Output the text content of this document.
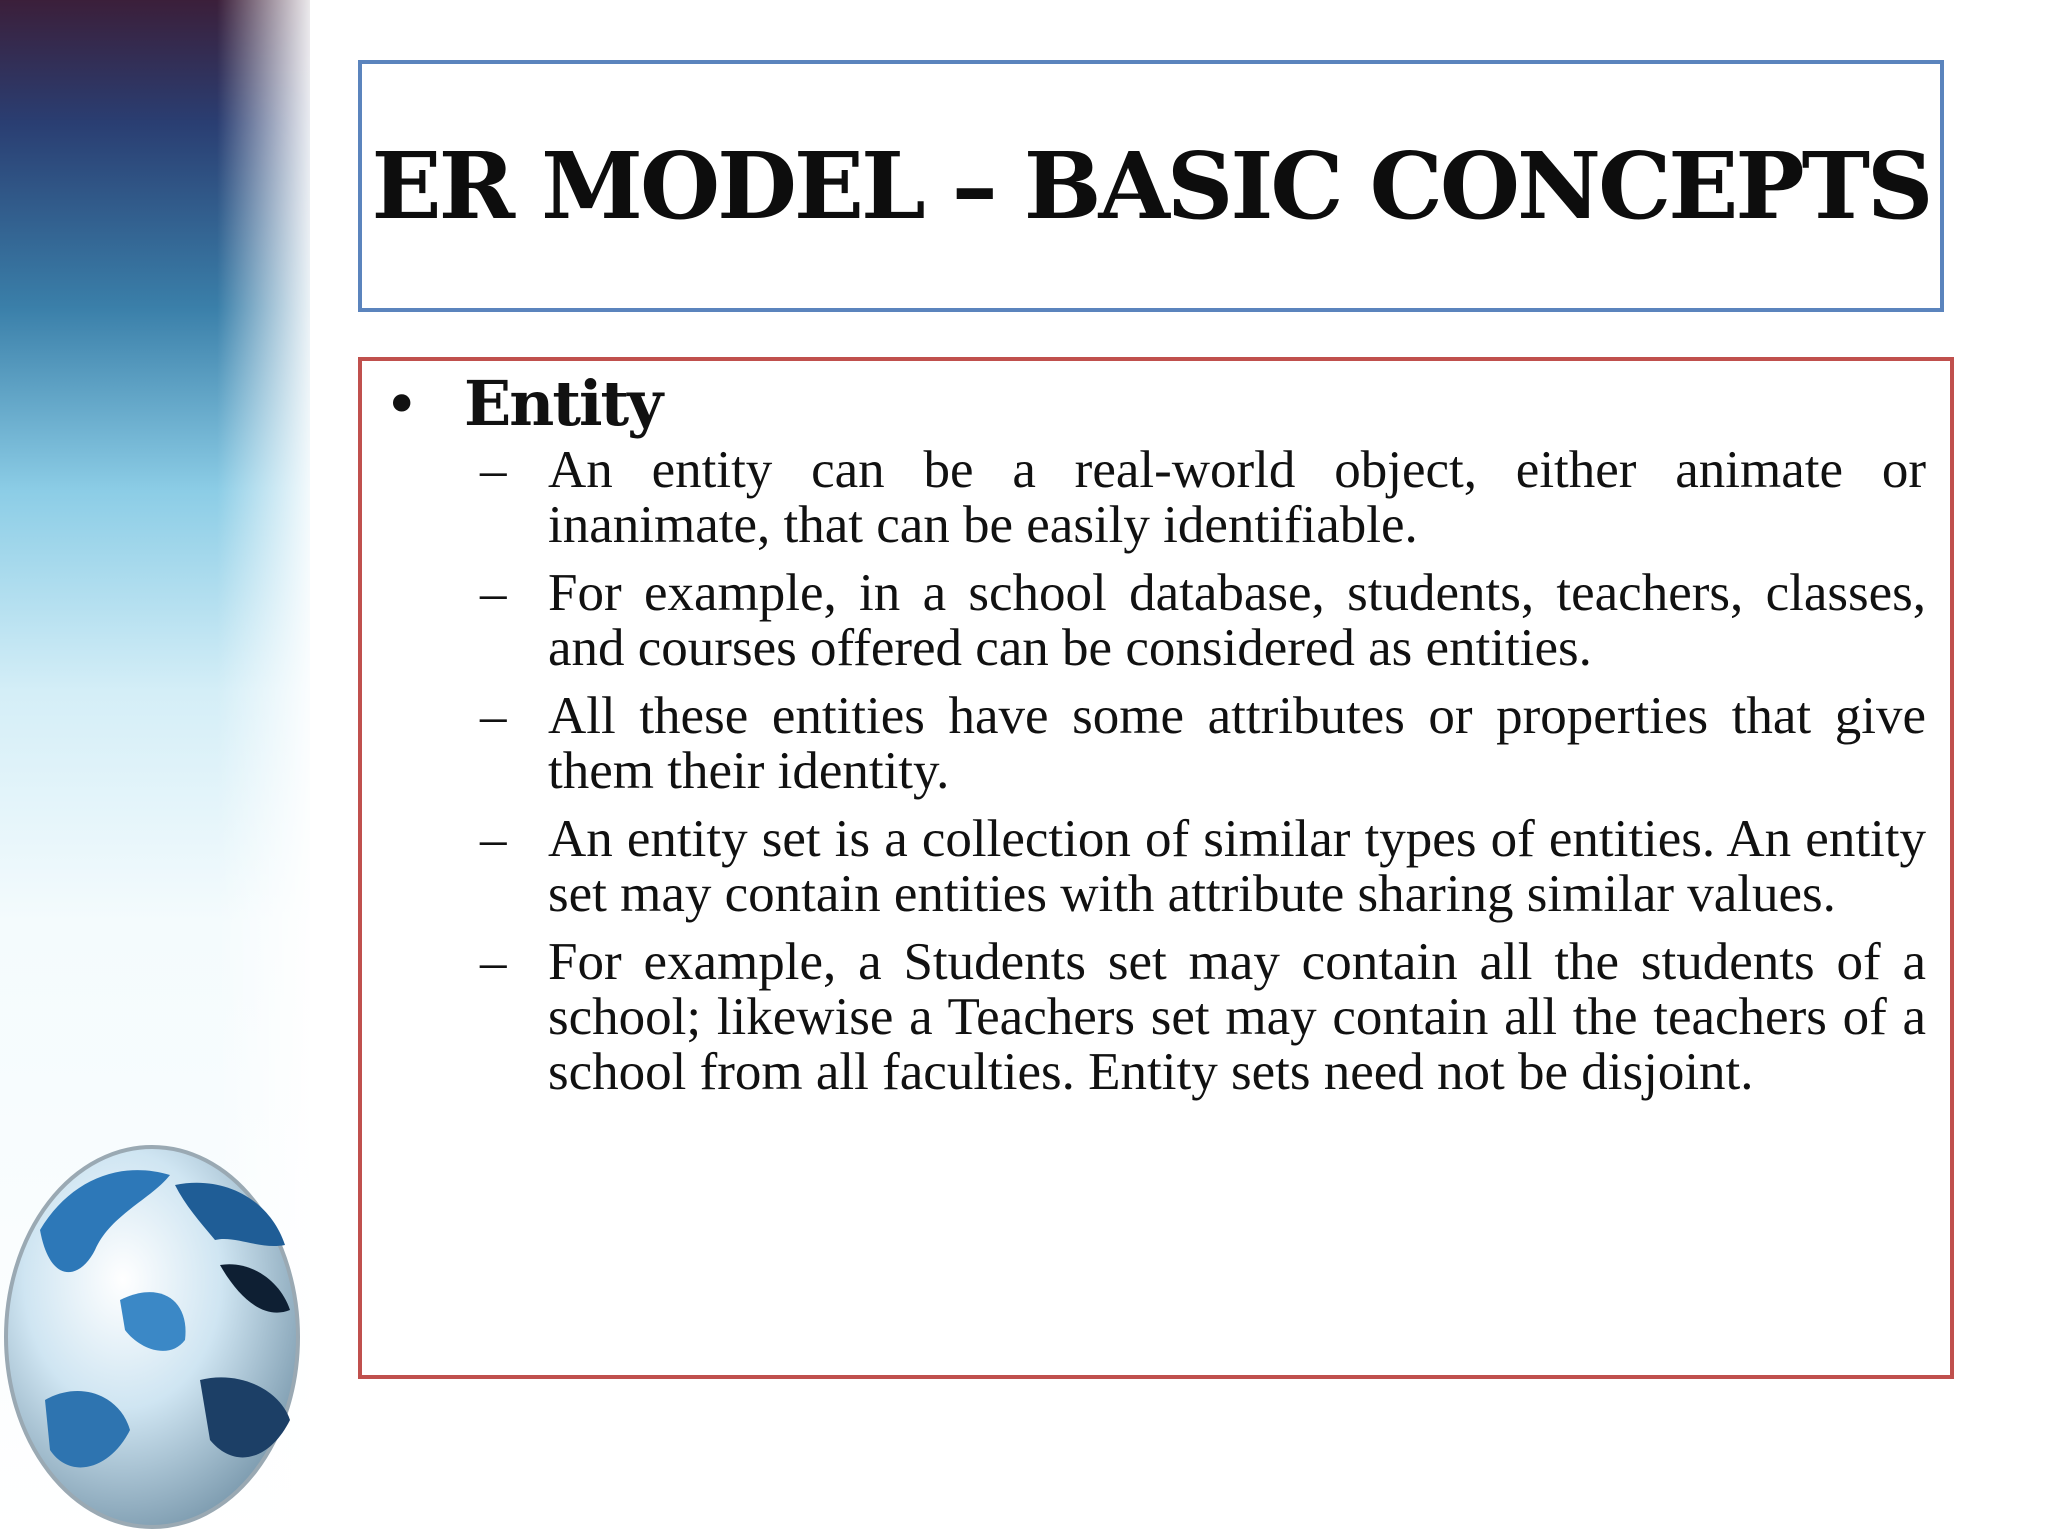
ER MODEL – BASIC CONCEPTS
• Entity
– An entity can be a real-world object, either animate or inanimate, that can be easily identifiable.
– For example, in a school database, students, teachers, classes, and courses offered can be considered as entities.
– All these entities have some attributes or properties that give them their identity.
– An entity set is a collection of similar types of entities. An entity set may contain entities with attribute sharing similar values.
– For example, a Students set may contain all the students of a school; likewise a Teachers set may contain all the teachers of a school from all faculties. Entity sets need not be disjoint.
